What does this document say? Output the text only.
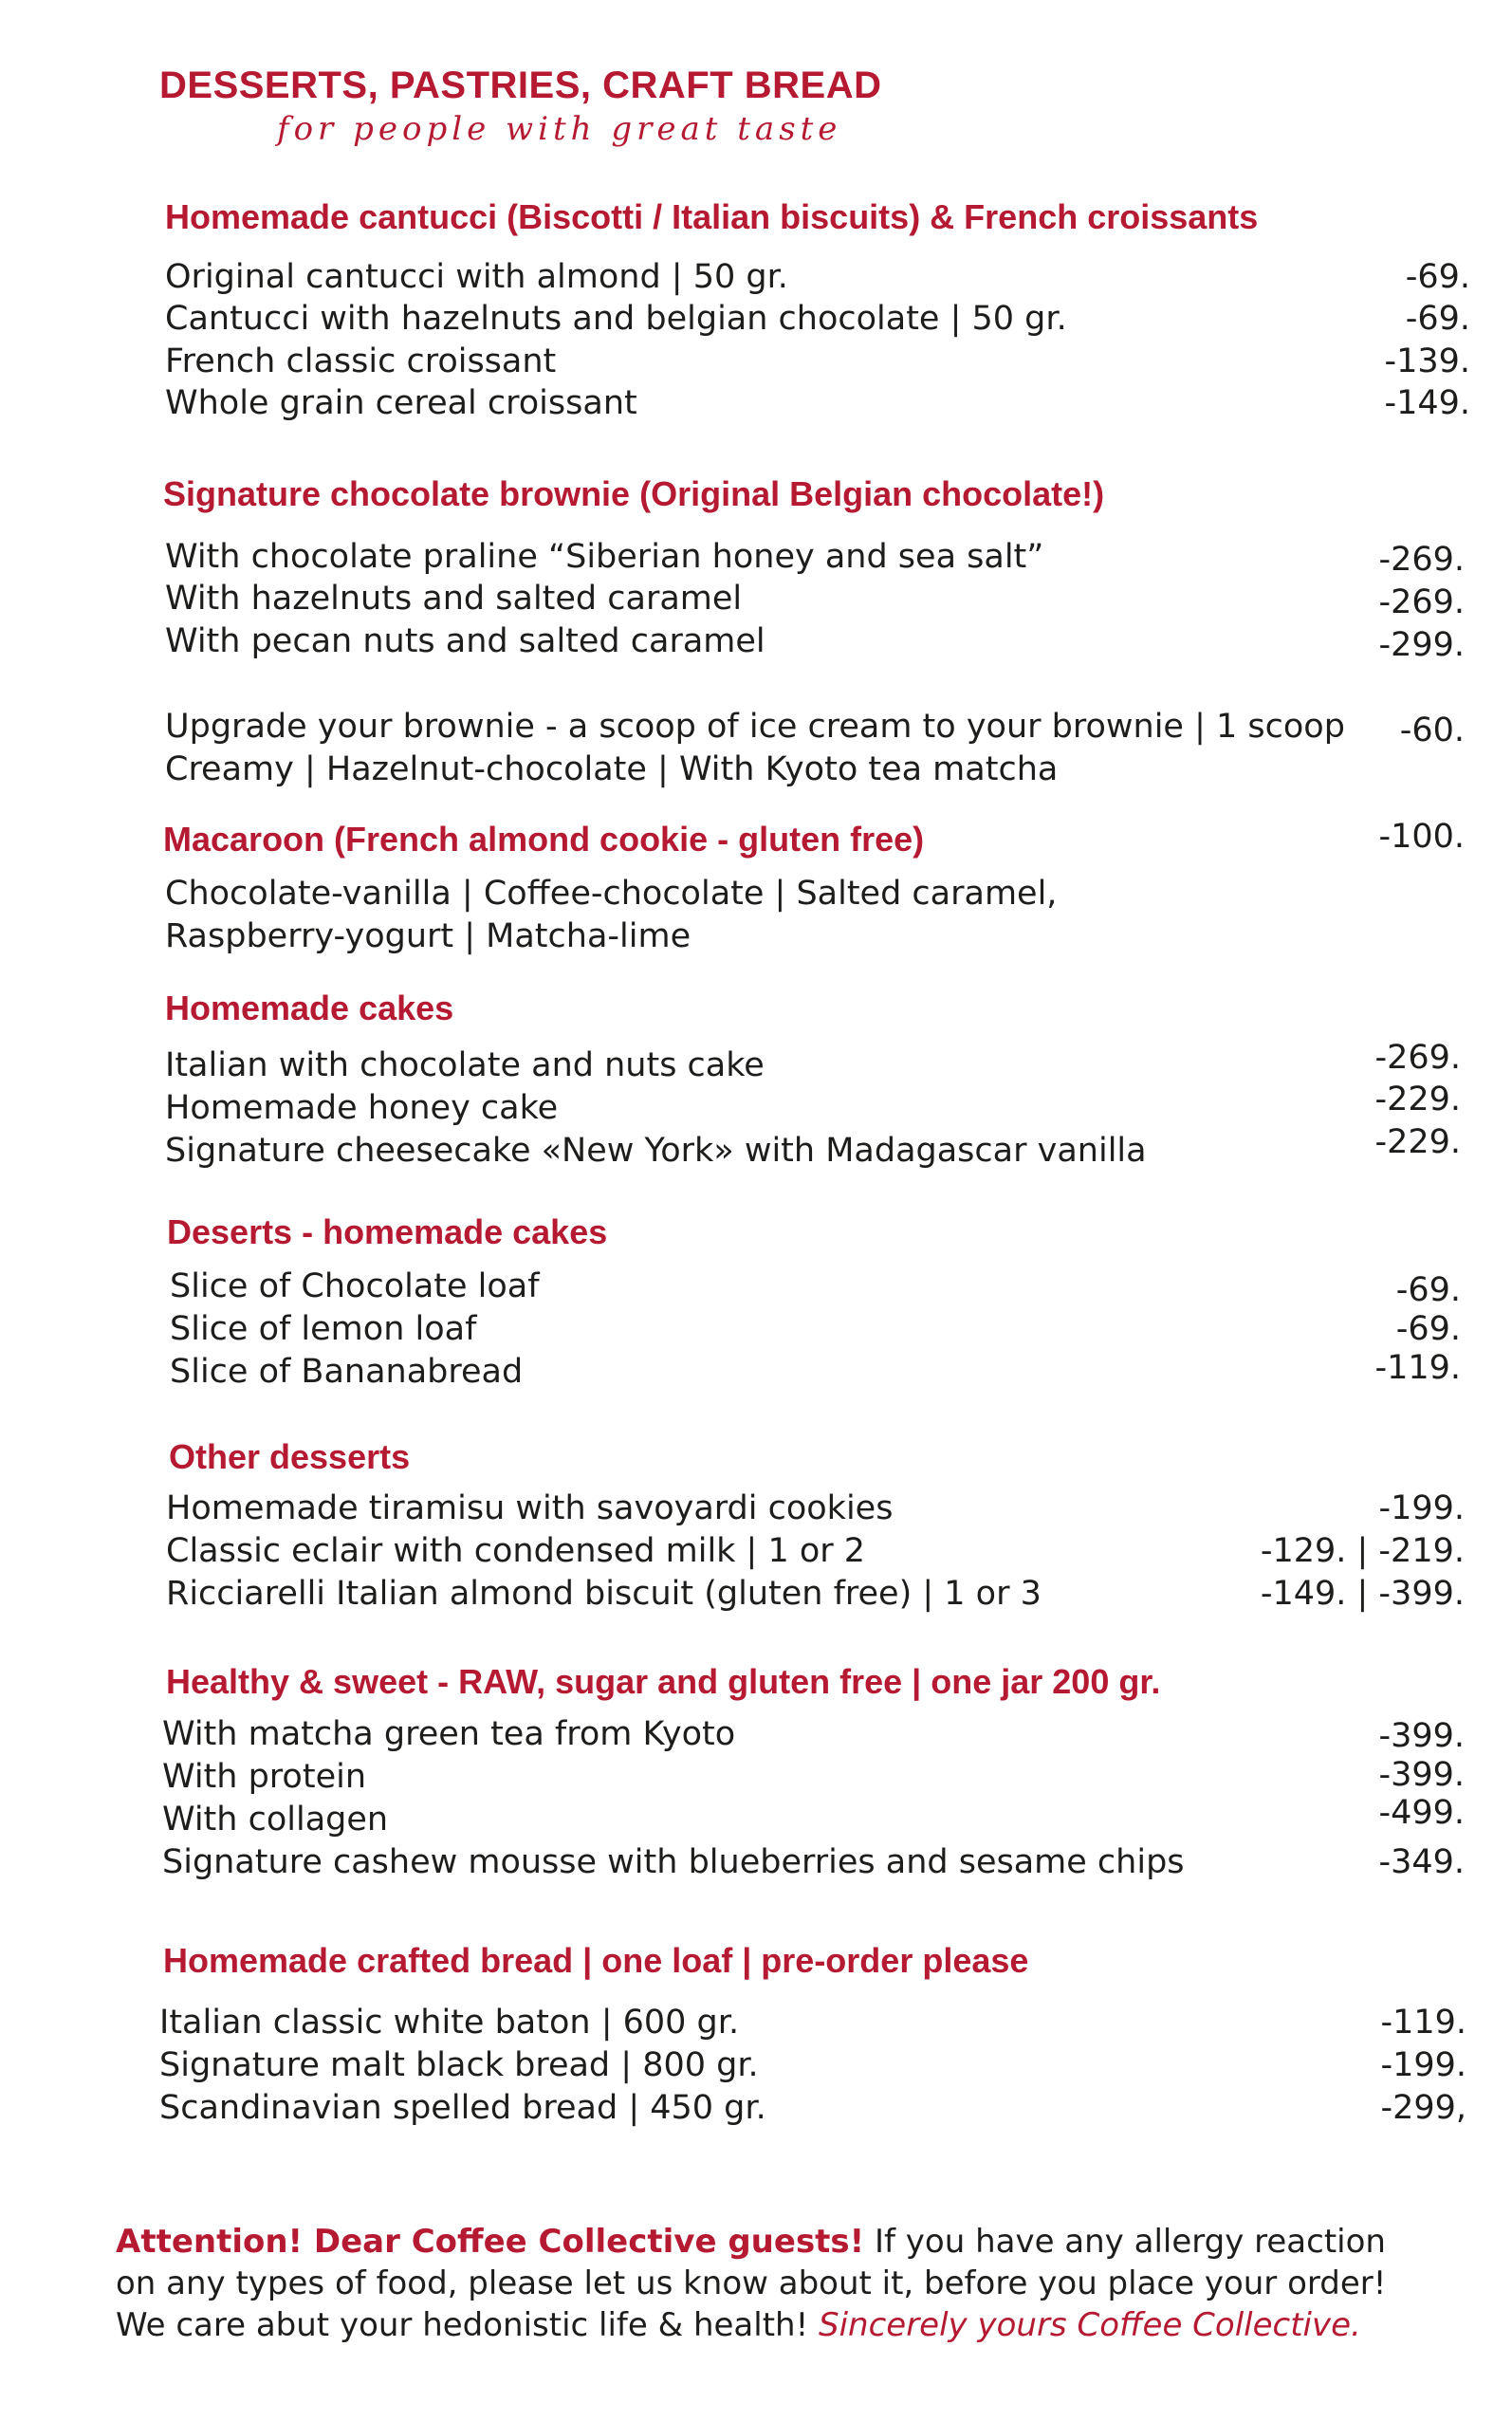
DESSERTS, PASTRIES, CRAFT BREAD
for people with great taste
Homemade cantucci (Biscotti / Italian biscuits) & French croissants
Original cantucci with almond | 50 gr.	-69.
Cantucci with hazelnuts and belgian chocolate | 50 gr.	-69.
French classic croissant	-139.
Whole grain cereal croissant	-149.
Signature chocolate brownie (Original Belgian chocolate!)
With chocolate praline “Siberian honey and sea salt”	-269.
With hazelnuts and salted caramel	-269.
With pecan nuts and salted caramel	-299.
Upgrade your brownie - a scoop of ice cream to your brownie | 1 scoop	-60.
Creamy | Hazelnut-chocolate | With Kyoto tea matcha
Macaroon (French almond cookie - gluten free)	-100.
Chocolate-vanilla | Coffee-chocolate | Salted caramel,
Raspberry-yogurt | Matcha-lime
Homemade cakes
Italian with chocolate and nuts cake	-269.
Homemade honey cake	-229.
Signature cheesecake «New York» with Madagascar vanilla	-229.
Deserts - homemade cakes
Slice of Chocolate loaf	-69.
Slice of lemon loaf	-69.
Slice of Bananabread	-119.
Other desserts
Homemade tiramisu with savoyardi cookies	-199.
Classic eclair with condensed milk | 1 or 2	-129. | -219.
Ricciarelli Italian almond biscuit (gluten free) | 1 or 3	-149. | -399.
Healthy & sweet - RAW, sugar and gluten free | one jar 200 gr.
With matcha green tea from Kyoto	-399.
With protein	-399.
With collagen	-499.
Signature cashew mousse with blueberries and sesame chips	-349.
Homemade crafted bread | one loaf | pre-order please
Italian classic white baton | 600 gr.	-119.
Signature malt black bread | 800 gr.	-199.
Scandinavian spelled bread | 450 gr.	-299,
Attention! Dear Coffee Collective guests! If you have any allergy reaction
on any types of food, please let us know about it, before you place your order!
We care abut your hedonistic life & health! Sincerely yours Coffee Collective.
